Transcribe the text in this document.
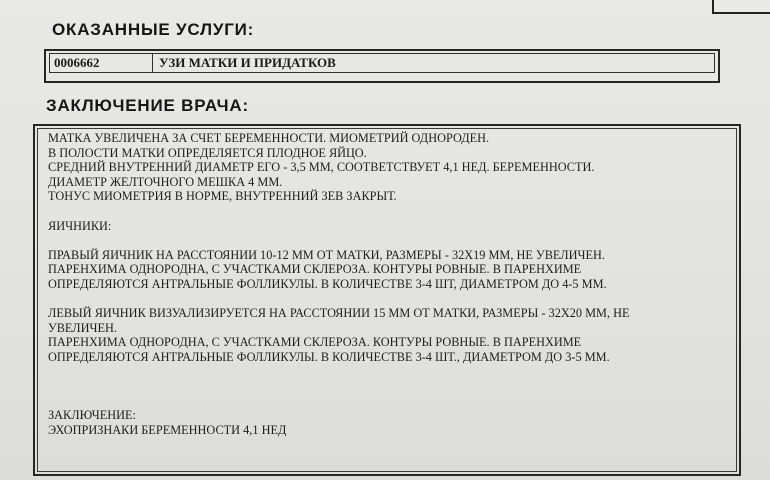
ОКАЗАННЫЕ УСЛУГИ:
0006662	УЗИ МАТКИ И ПРИДАТКОВ
ЗАКЛЮЧЕНИЕ ВРАЧА:
МАТКА УВЕЛИЧЕНА ЗА СЧЕТ БЕРЕМЕННОСТИ. МИОМЕТРИЙ ОДНОРОДЕН.
В ПОЛОСТИ МАТКИ ОПРЕДЕЛЯЕТСЯ ПЛОДНОЕ ЯЙЦО.
СРЕДНИЙ ВНУТРЕННИЙ ДИАМЕТР ЕГО - 3,5 ММ, СООТВЕТСТВУЕТ 4,1 НЕД. БЕРЕМЕННОСТИ.
ДИАМЕТР ЖЕЛТОЧНОГО МЕШКА 4 ММ.
ТОНУС МИОМЕТРИЯ В НОРМЕ, ВНУТРЕННИЙ ЗЕВ ЗАКРЫТ.
ЯИЧНИКИ:
ПРАВЫЙ ЯИЧНИК НА РАССТОЯНИИ 10-12 ММ ОТ МАТКИ, РАЗМЕРЫ - 32Х19 ММ, НЕ УВЕЛИЧЕН.
ПАРЕНХИМА ОДНОРОДНА, С УЧАСТКАМИ СКЛЕРОЗА. КОНТУРЫ РОВНЫЕ. В ПАРЕНХИМЕ
ОПРЕДЕЛЯЮТСЯ АНТРАЛЬНЫЕ ФОЛЛИКУЛЫ. В КОЛИЧЕСТВЕ 3-4 ШТ, ДИАМЕТРОМ ДО 4-5 ММ.
ЛЕВЫЙ ЯИЧНИК ВИЗУАЛИЗИРУЕТСЯ НА РАССТОЯНИИ 15 ММ ОТ МАТКИ, РАЗМЕРЫ - 32Х20 ММ, НЕ
УВЕЛИЧЕН.
ПАРЕНХИМА ОДНОРОДНА, С УЧАСТКАМИ СКЛЕРОЗА. КОНТУРЫ РОВНЫЕ. В ПАРЕНХИМЕ
ОПРЕДЕЛЯЮТСЯ АНТРАЛЬНЫЕ ФОЛЛИКУЛЫ. В КОЛИЧЕСТВЕ 3-4 ШТ., ДИАМЕТРОМ ДО 3-5 ММ.
ЗАКЛЮЧЕНИЕ:
ЭХОПРИЗНАКИ БЕРЕМЕННОСТИ 4,1 НЕД
